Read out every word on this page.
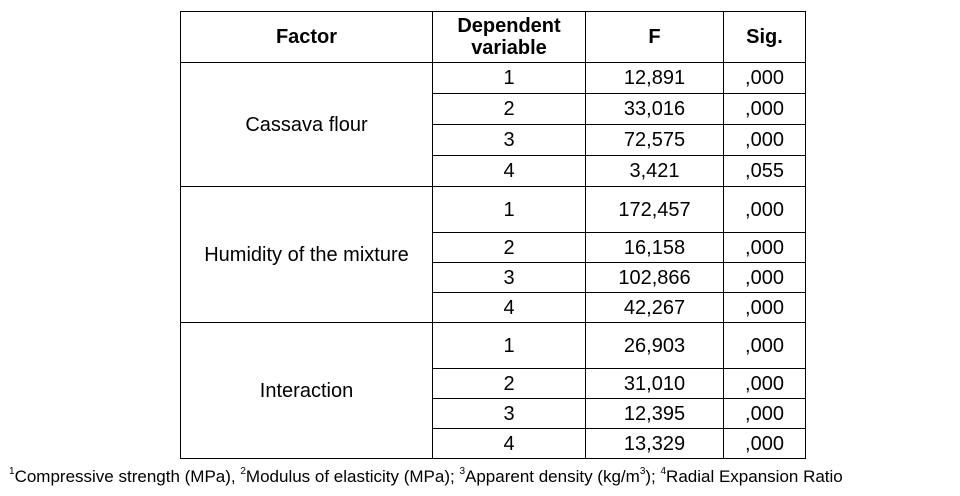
Factor	Dependent variable	F	Sig.
Cassava flour	1	12,891	,000
	2	33,016	,000
	3	72,575	,000
	4	3,421	,055
Humidity of the mixture	1	172,457	,000
	2	16,158	,000
	3	102,866	,000
	4	42,267	,000
Interaction	1	26,903	,000
	2	31,010	,000
	3	12,395	,000
	4	13,329	,000
$^1$Compressive strength (MPa), $^2$Modulus of elasticity (MPa); $^3$Apparent density $(kg/m^3)$; $^4$Radial Expansion Ratio
